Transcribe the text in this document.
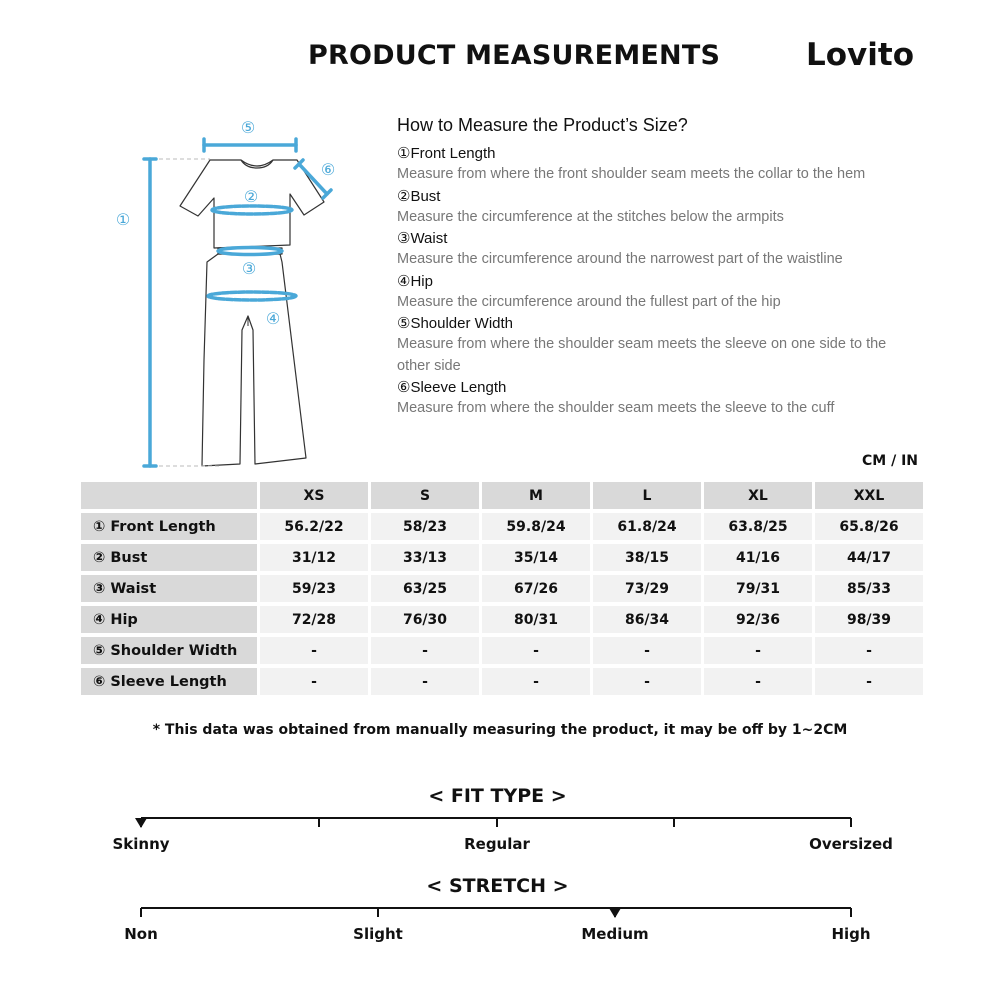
PRODUCT MEASUREMENTS	Lovito
①
②
③
④
⑤
⑥
How to Measure the Product’s Size?
①Front Length
Measure from where the front shoulder seam meets the collar to the hem
②Bust
Measure the circumference at the stitches below the armpits
③Waist
Measure the circumference around the narrowest part of the waistline
④Hip
Measure the circumference around the fullest part of the hip
⑤Shoulder Width
Measure from where the shoulder seam meets the sleeve on one side to the other side
⑥Sleeve Length
Measure from where the shoulder seam meets the sleeve to the cuff
CM / IN
	XS	S	M	L	XL	XXL
① Front Length	56.2/22	58/23	59.8/24	61.8/24	63.8/25	65.8/26
② Bust	31/12	33/13	35/14	38/15	41/16	44/17
③ Waist	59/23	63/25	67/26	73/29	79/31	85/33
④ Hip	72/28	76/30	80/31	86/34	92/36	98/39
⑤ Shoulder Width	-	-	-	-	-	-
⑥ Sleeve Length	-	-	-	-	-	-
* This data was obtained from manually measuring the product, it may be off by 1~2CM
< FIT TYPE >
Skinny	Regular	Oversized
< STRETCH >
Non	Slight	Medium	High
